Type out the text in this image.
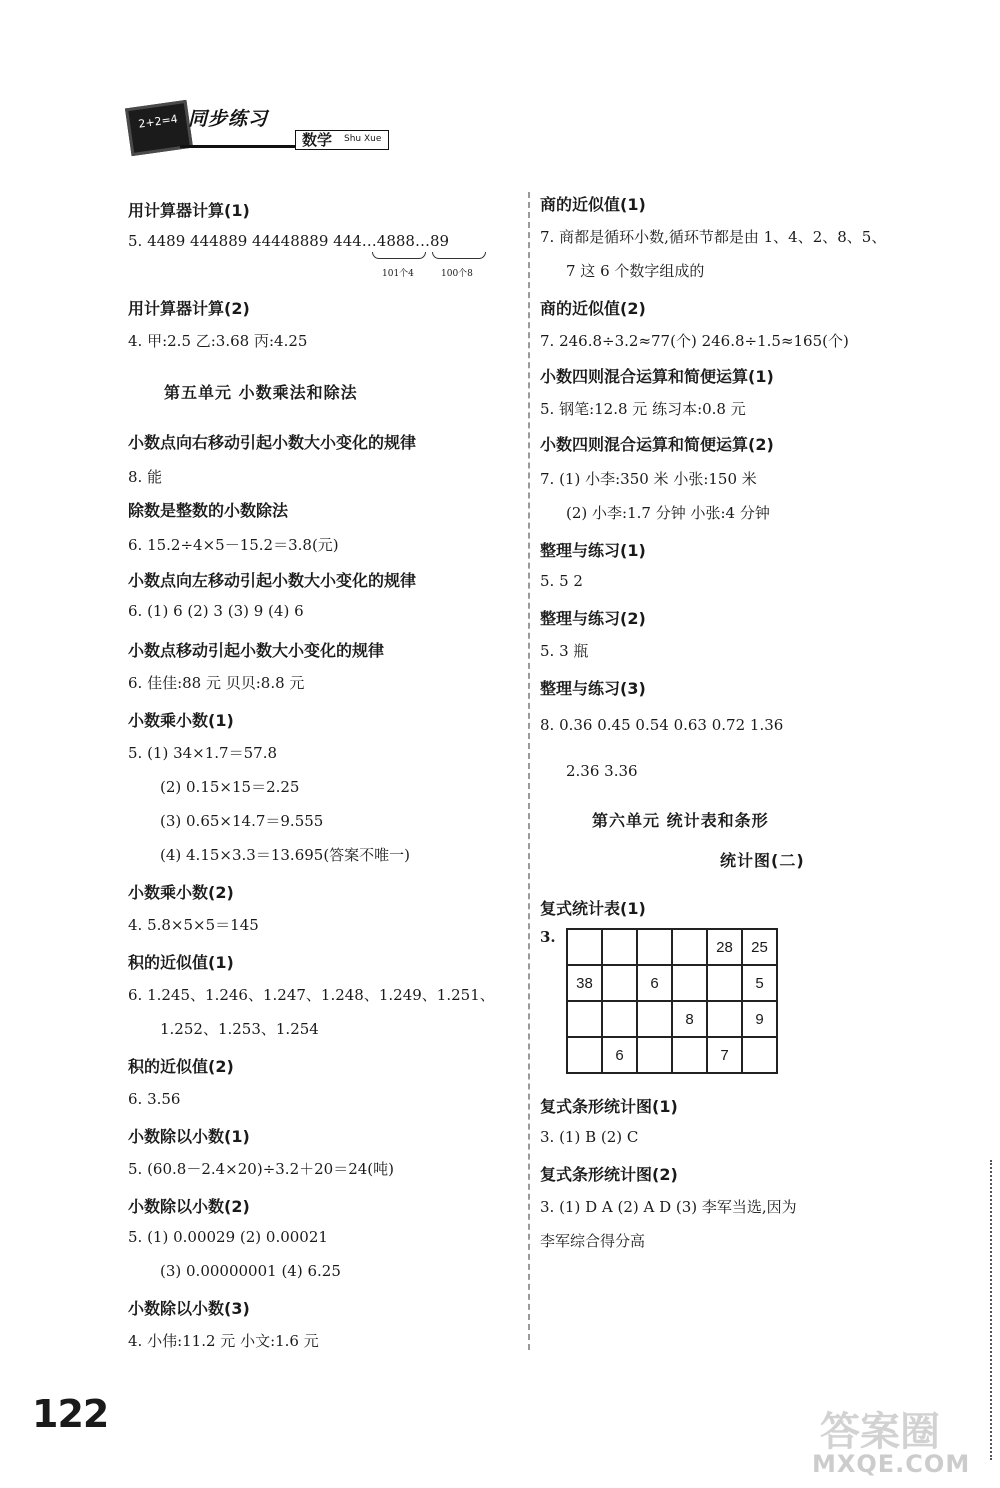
2+2=4 同步练习
数学 Shu Xue
用计算器计算(1)
5. 4489 444889 44448889 444…4888…89
101个4	100个8
用计算器计算(2)
4. 甲:2.5 乙:3.68 丙:4.25
第五单元 小数乘法和除法
小数点向右移动引起小数大小变化的规律
8. 能
除数是整数的小数除法
6. 15.2÷4×5－15.2＝3.8(元)
小数点向左移动引起小数大小变化的规律
6. (1) 6 (2) 3 (3) 9 (4) 6
小数点移动引起小数大小变化的规律
6. 佳佳:88 元 贝贝:8.8 元
小数乘小数(1)
5. (1) 34×1.7＝57.8
(2) 0.15×15＝2.25
(3) 0.65×14.7＝9.555
(4) 4.15×3.3＝13.695(答案不唯一)
小数乘小数(2)
4. 5.8×5×5＝145
积的近似值(1)
6. 1.245、1.246、1.247、1.248、1.249、1.251、
1.252、1.253、1.254
积的近似值(2)
6. 3.56
小数除以小数(1)
5. (60.8－2.4×20)÷3.2＋20＝24(吨)
小数除以小数(2)
5. (1) 0.00029 (2) 0.00021
(3) 0.00000001 (4) 6.25
小数除以小数(3)
4. 小伟:11.2 元 小文:1.6 元
商的近似值(1)
7. 商都是循环小数,循环节都是由 1、4、2、8、5、
7 这 6 个数字组成的
商的近似值(2)
7. 246.8÷3.2≈77(个) 246.8÷1.5≈165(个)
小数四则混合运算和简便运算(1)
5. 钢笔:12.8 元 练习本:0.8 元
小数四则混合运算和简便运算(2)
7. (1) 小李:350 米 小张:150 米
(2) 小李:1.7 分钟 小张:4 分钟
整理与练习(1)
5. 5 2
整理与练习(2)
5. 3 瓶
整理与练习(3)
8. 0.36 0.45 0.54 0.63 0.72 1.36
2.36 3.36
第六单元 统计表和条形
统计图(二)
复式统计表(1)
3.
				28	25
38		6			5
			8		9
	6			7	
复式条形统计图(1)
3. (1) B (2) C
复式条形统计图(2)
3. (1) D A (2) A D (3) 李军当选,因为
李军综合得分高
122	答案圈
MXQE.COM
